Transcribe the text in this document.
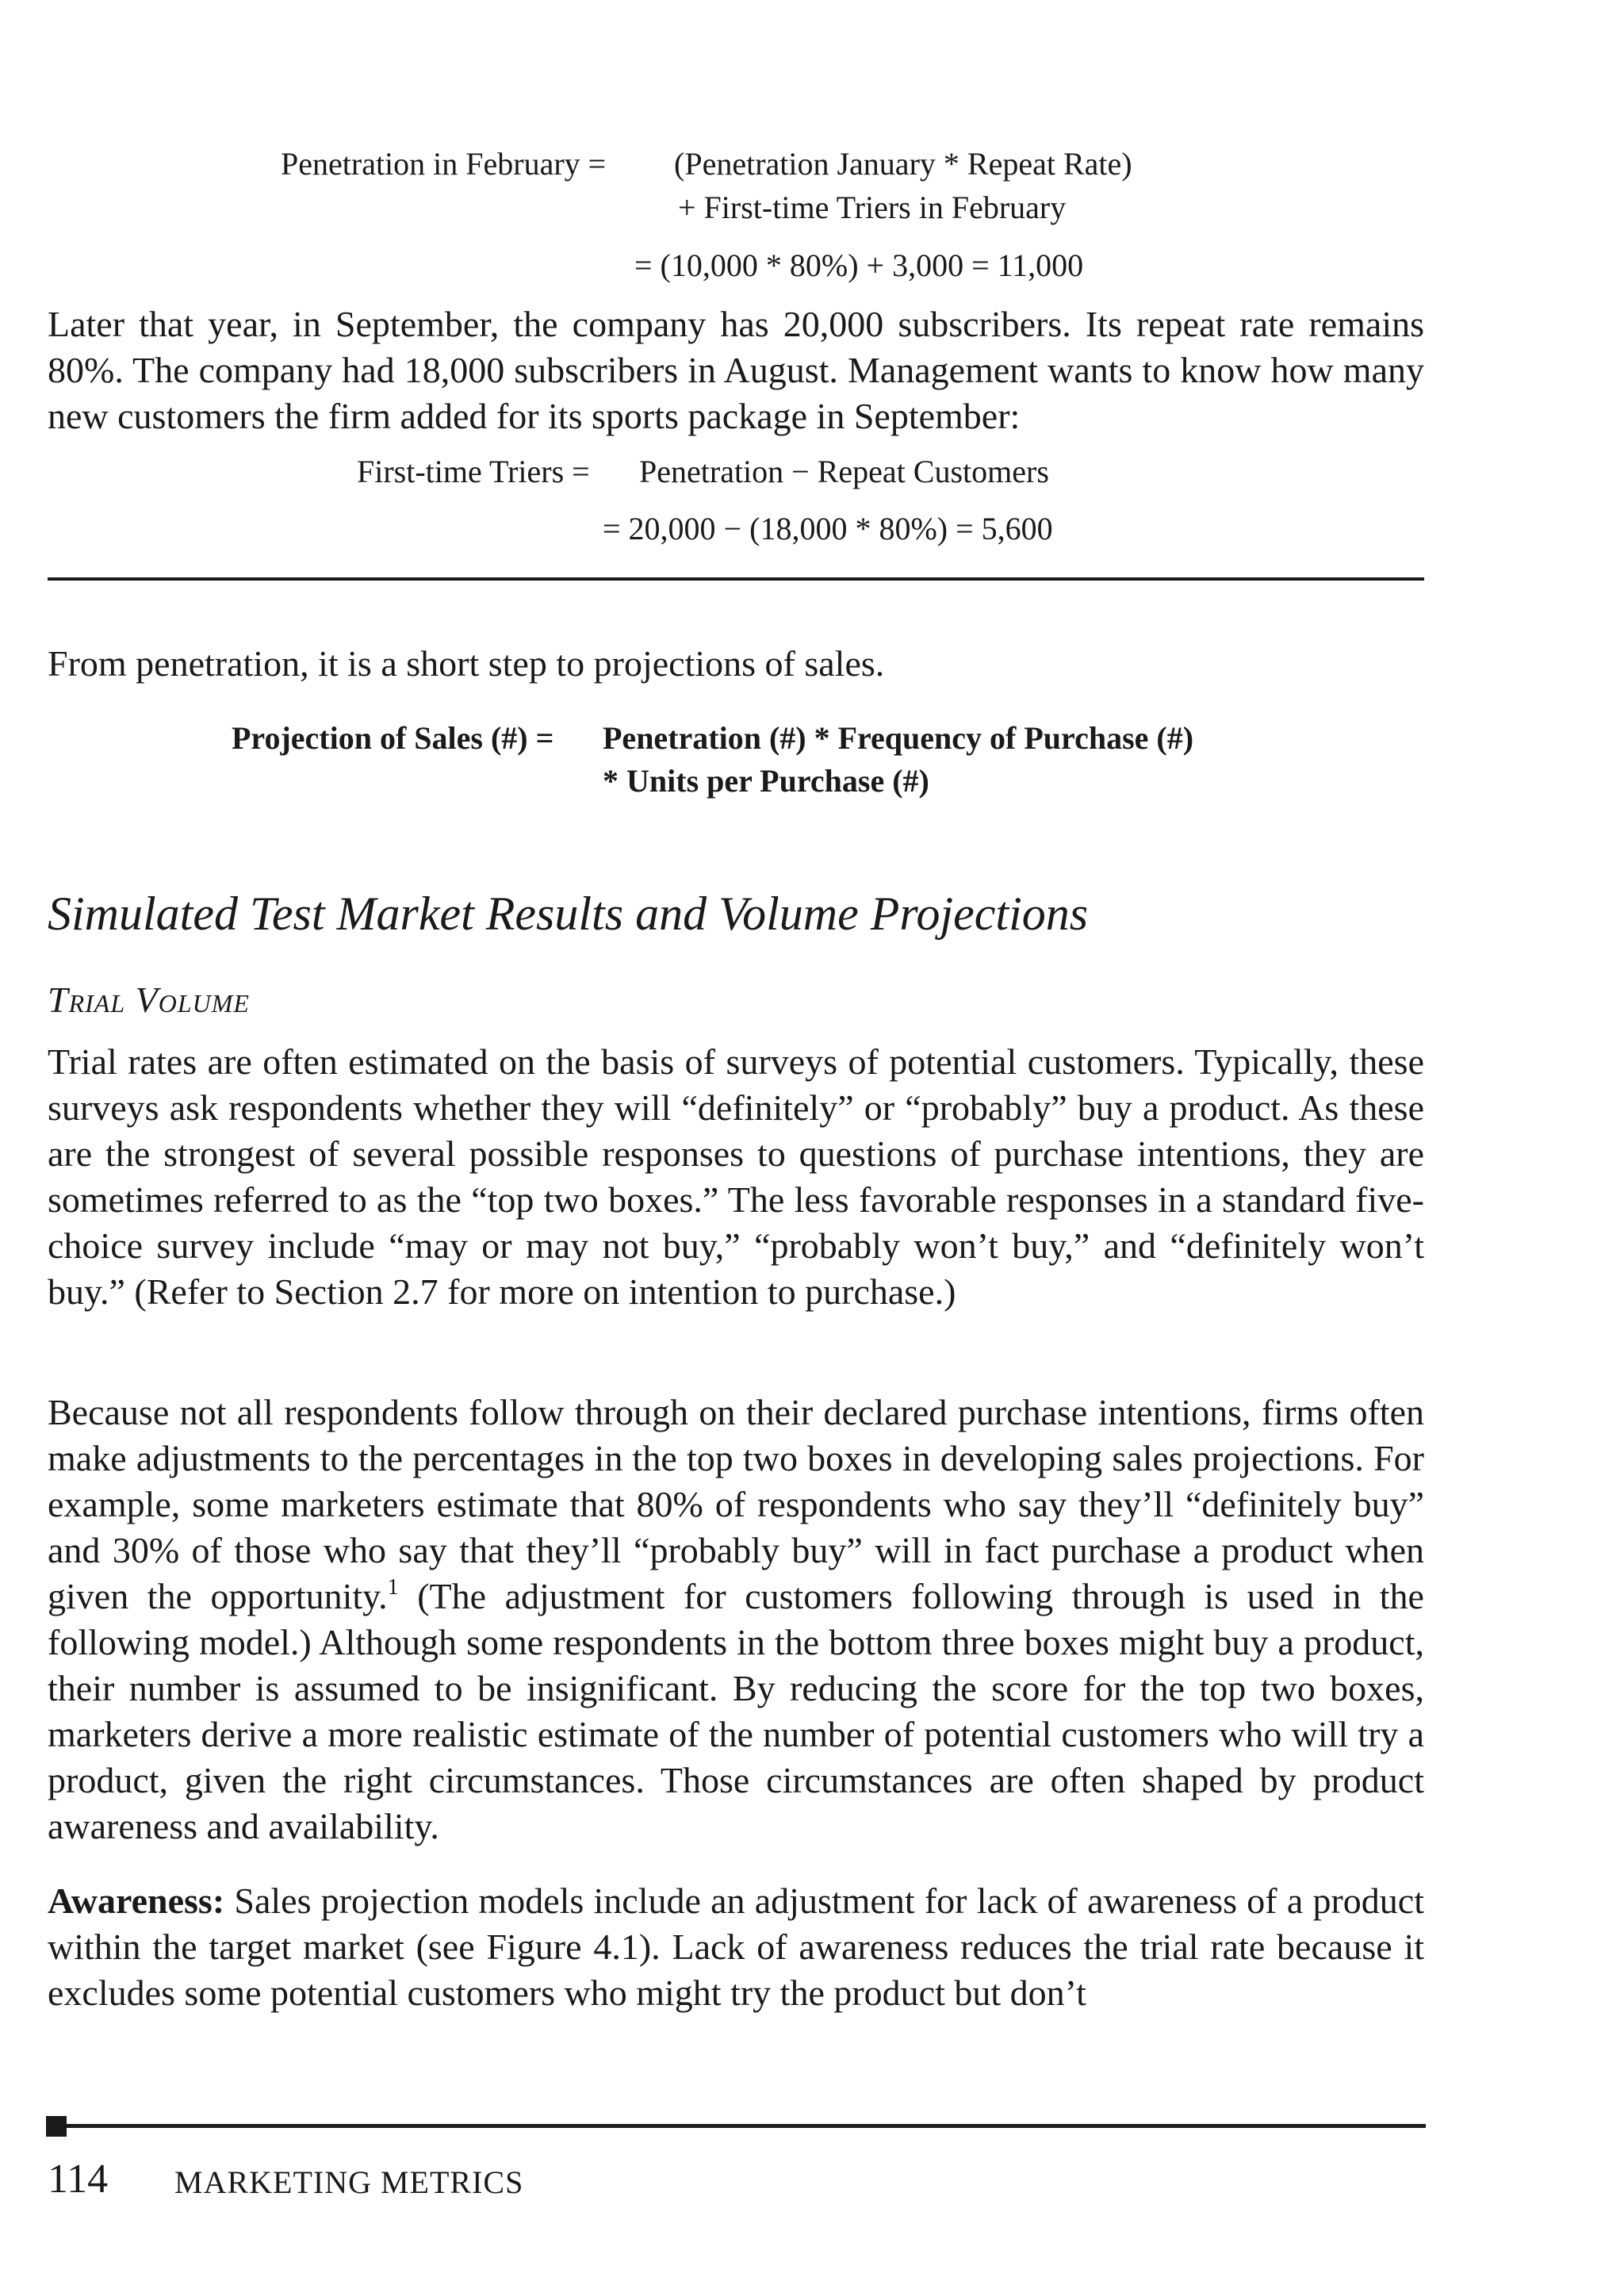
Penetration in February = (Penetration January * Repeat Rate)
+ First-time Triers in February
= (10,000 * 80%) + 3,000 = 11,000

Later that year, in September, the company has 20,000 subscribers. Its repeat rate remains 80%. The company had 18,000 subscribers in August. Management wants to know how many new customers the firm added for its sports package in September:

First-time Triers = Penetration − Repeat Customers
= 20,000 − (18,000 * 80%) = 5,600

From penetration, it is a short step to projections of sales.

Projection of Sales (#) = Penetration (#) * Frequency of Purchase (#)
* Units per Purchase (#)
Simulated Test Market Results and Volume Projections
Trial Volume

Trial rates are often estimated on the basis of surveys of potential customers. Typically, these surveys ask respondents whether they will “definitely” or “probably” buy a product. As these are the strongest of several possible responses to questions of purchase intentions, they are sometimes referred to as the “top two boxes.” The less favorable responses in a standard five-choice survey include “may or may not buy,” “probably won’t buy,” and “definitely won’t buy.” (Refer to Section 2.7 for more on intention to purchase.)

Because not all respondents follow through on their declared purchase intentions, firms often make adjustments to the percentages in the top two boxes in developing sales projections. For example, some marketers estimate that 80% of respondents who say they’ll “definitely buy” and 30% of those who say that they’ll “probably buy” will in fact purchase a product when given the opportunity.$^1$ (The adjustment for customers following through is used in the following model.) Although some respondents in the bottom three boxes might buy a product, their number is assumed to be insignificant. By reducing the score for the top two boxes, marketers derive a more realistic estimate of the number of potential customers who will try a product, given the right circumstances. Those circumstances are often shaped by product awareness and availability.

Awareness: Sales projection models include an adjustment for lack of awareness of a product within the target market (see Figure 4.1). Lack of awareness reduces the trial rate because it excludes some potential customers who might try the product but don’t

114 MARKETING METRICS
